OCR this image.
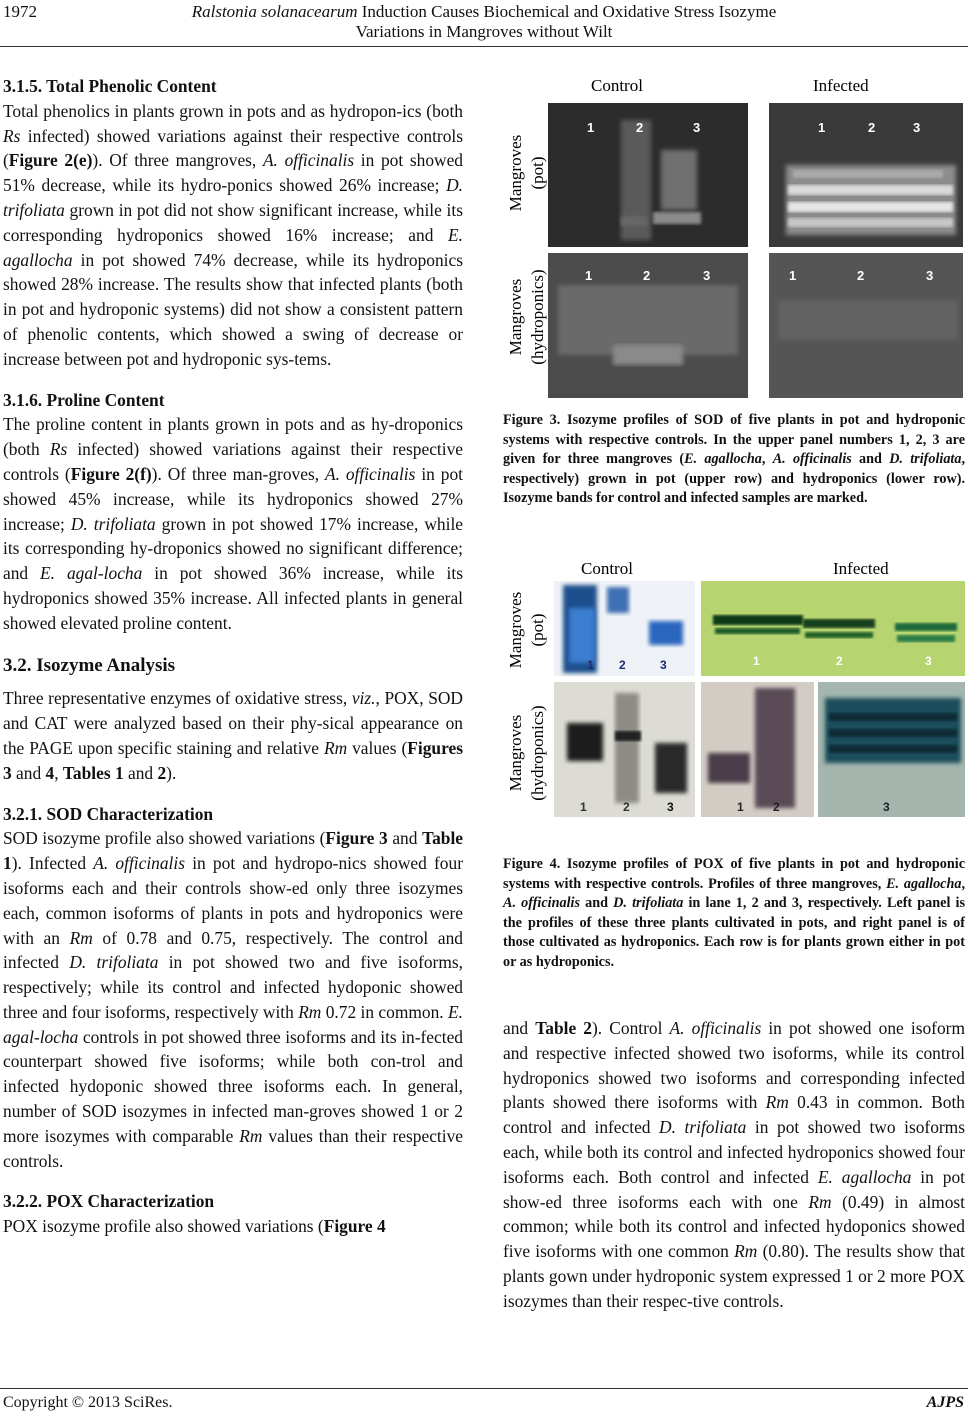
1972	Ralstonia solanacearum Induction Causes Biochemical and Oxidative Stress Isozyme
Variations in Mangroves without Wilt

3.1.5. Total Phenolic Content

Total phenolics in plants grown in pots and as hydropon-ics (both Rs infected) showed variations against their respective controls (Figure 2(e)). Of three mangroves, A. officinalis in pot showed 51% decrease, while its hydro-ponics showed 26% increase; D. trifoliata grown in pot did not show significant increase, while its corresponding hydroponics showed 16% increase; and E. agallocha in pot showed 74% decrease, while its hydroponics showed 28% increase. The results show that infected plants (both in pot and hydroponic systems) did not show a consistent pattern of phenolic contents, which showed a swing of decrease or increase between pot and hydroponic sys-tems.

3.1.6. Proline Content

The proline content in plants grown in pots and as hy-droponics (both Rs infected) showed variations against their respective controls (Figure 2(f)). Of three man-groves, A. officinalis in pot showed 45% increase, while its hydroponics showed 27% increase; D. trifoliata grown in pot showed 17% increase, while its corresponding hy-droponics showed no significant difference; and E. agal-locha in pot showed 36% increase, while its hydroponics showed 35% increase. All infected plants in general showed elevated proline content.

3.2. Isozyme Analysis

Three representative enzymes of oxidative stress, viz., POX, SOD and CAT were analyzed based on their phy-sical appearance on the PAGE upon specific staining and relative Rm values (Figures 3 and 4, Tables 1 and 2).

3.2.1. SOD Characterization

SOD isozyme profile also showed variations (Figure 3 and Table 1). Infected A. officinalis in pot and hydropo-nics showed four isoforms each and their controls show-ed only three isozymes each, common isoforms of plants in pots and hydroponics were with an Rm of 0.78 and 0.75, respectively. The control and infected D. trifoliata in pot showed two and five isoforms, respectively; while its control and infected hydoponic showed three and four isoforms, respectively with Rm 0.72 in common. E. agal-locha controls in pot showed three isoforms and its in-fected counterpart showed five isoforms; while both con-trol and infected hydoponic showed three isoforms each. In general, number of SOD isozymes in infected man-groves showed 1 or 2 more isozymes with comparable Rm values than their respective controls.

3.2.2. POX Characterization

POX isozyme profile also showed variations (Figure 4

Control	Infected
Mangroves (pot)
Mangroves (hydroponics)
1	2	3	1	2	3
1	2	3	1	2	3
Figure 3. Isozyme profiles of SOD of five plants in pot and hydroponic systems with respective controls. In the upper panel numbers 1, 2, 3 are given for three mangroves (E. agallocha, A. officinalis and D. trifoliata, respectively) grown in pot (upper row) and hydroponics (lower row). Isozyme bands for control and infected samples are marked.
Control	Infected
Mangroves (pot)
Mangroves (hydroponics)
1 2	3	1	2	3
1	2	3	1 2	3
Figure 4. Isozyme profiles of POX of five plants in pot and hydroponic systems with respective controls. Profiles of three mangroves, E. agallocha, A. officinalis and D. trifoliata in lane 1, 2 and 3, respectively. Left panel is the profiles of these three plants cultivated in pots, and right panel is of those cultivated as hydroponics. Each row is for plants grown either in pot or as hydroponics.

and Table 2). Control A. officinalis in pot showed one isoform and respective infected showed two isoforms, while its control hydroponics showed two isoforms and corresponding infected plants showed there isoforms with Rm 0.43 in common. Both control and infected D. trifoliata in pot showed two isoforms each, while both its control and infected hydroponics showed four isoforms each. Both control and infected E. agallocha in pot show-ed three isoforms each with one Rm (0.49) in almost common; while both its control and infected hydoponics showed five isoforms with one common Rm (0.80). The results show that plants gown under hydroponic system expressed 1 or 2 more POX isozymes than their respec-tive controls.

Copyright © 2013 SciRes.	AJPS
